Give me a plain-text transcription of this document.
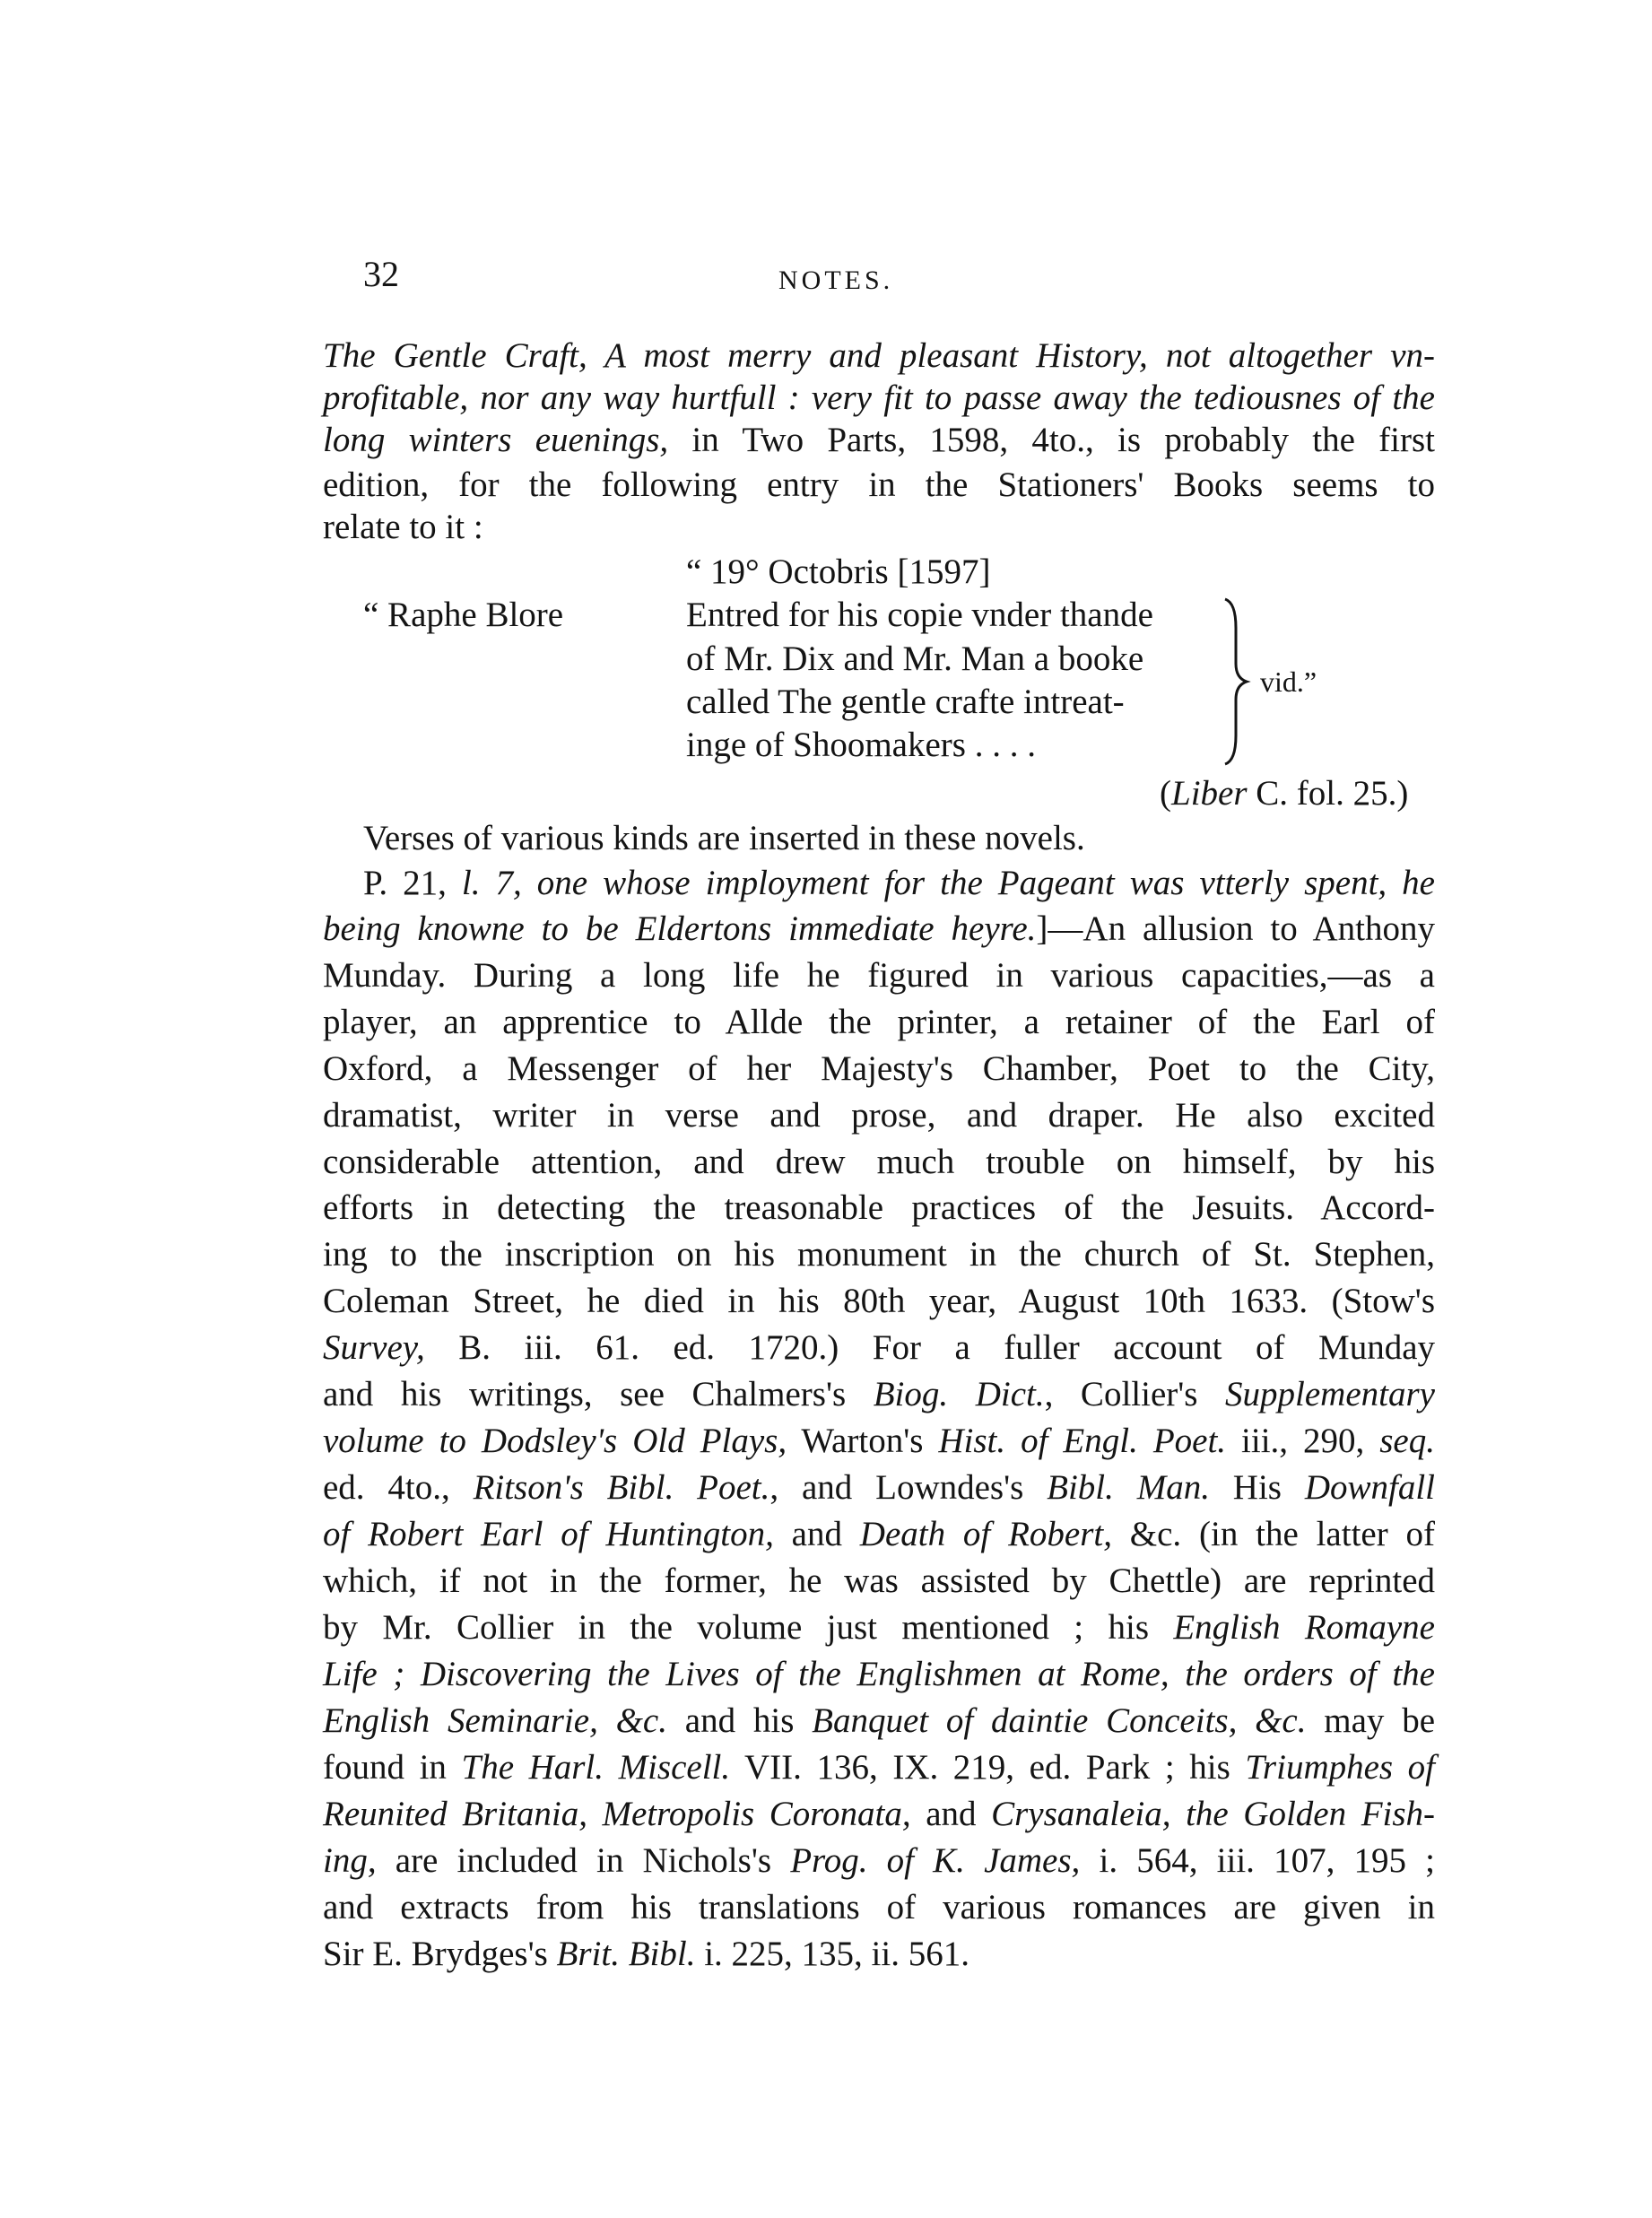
32	NOTES.
The Gentle Craft, A most merry and pleasant History, not altogether vn-
profitable, nor any way hurtfull : very fit to passe away the tediousnes of the
long winters euenings, in Two Parts, 1598, 4to., is probably the first
edition, for the following entry in the Stationers' Books seems to
relate to it :
“ 19° Octobris [1597]
“ Raphe Blore	Entred for his copie vnder thande
of Mr. Dix and Mr. Man a booke
called The gentle crafte intreat-
inge of Shoomakers . . . .
vid.”
(Liber C. fol. 25.)
Verses of various kinds are inserted in these novels.
P. 21, l. 7, one whose imployment for the Pageant was vtterly spent, he
being knowne to be Eldertons immediate heyre.]—An allusion to Anthony
Munday. During a long life he figured in various capacities,—as a
player, an apprentice to Allde the printer, a retainer of the Earl of
Oxford, a Messenger of her Majesty's Chamber, Poet to the City,
dramatist, writer in verse and prose, and draper. He also excited
considerable attention, and drew much trouble on himself, by his
efforts in detecting the treasonable practices of the Jesuits. Accord-
ing to the inscription on his monument in the church of St. Stephen,
Coleman Street, he died in his 80th year, August 10th 1633. (Stow's
Survey, B. iii. 61. ed. 1720.) For a fuller account of Munday
and his writings, see Chalmers's Biog. Dict., Collier's Supplementary
volume to Dodsley's Old Plays, Warton's Hist. of Engl. Poet. iii., 290, seq.
ed. 4to., Ritson's Bibl. Poet., and Lowndes's Bibl. Man. His Downfall
of Robert Earl of Huntington, and Death of Robert, &c. (in the latter of
which, if not in the former, he was assisted by Chettle) are reprinted
by Mr. Collier in the volume just mentioned ; his English Romayne
Life ; Discovering the Lives of the Englishmen at Rome, the orders of the
English Seminarie, &c. and his Banquet of daintie Conceits, &c. may be
found in The Harl. Miscell. VII. 136, IX. 219, ed. Park ; his Triumphes of
Reunited Britania, Metropolis Coronata, and Crysanaleia, the Golden Fish-
ing, are included in Nichols's Prog. of K. James, i. 564, iii. 107, 195 ;
and extracts from his translations of various romances are given in
Sir E. Brydges's Brit. Bibl. i. 225, 135, ii. 561.
